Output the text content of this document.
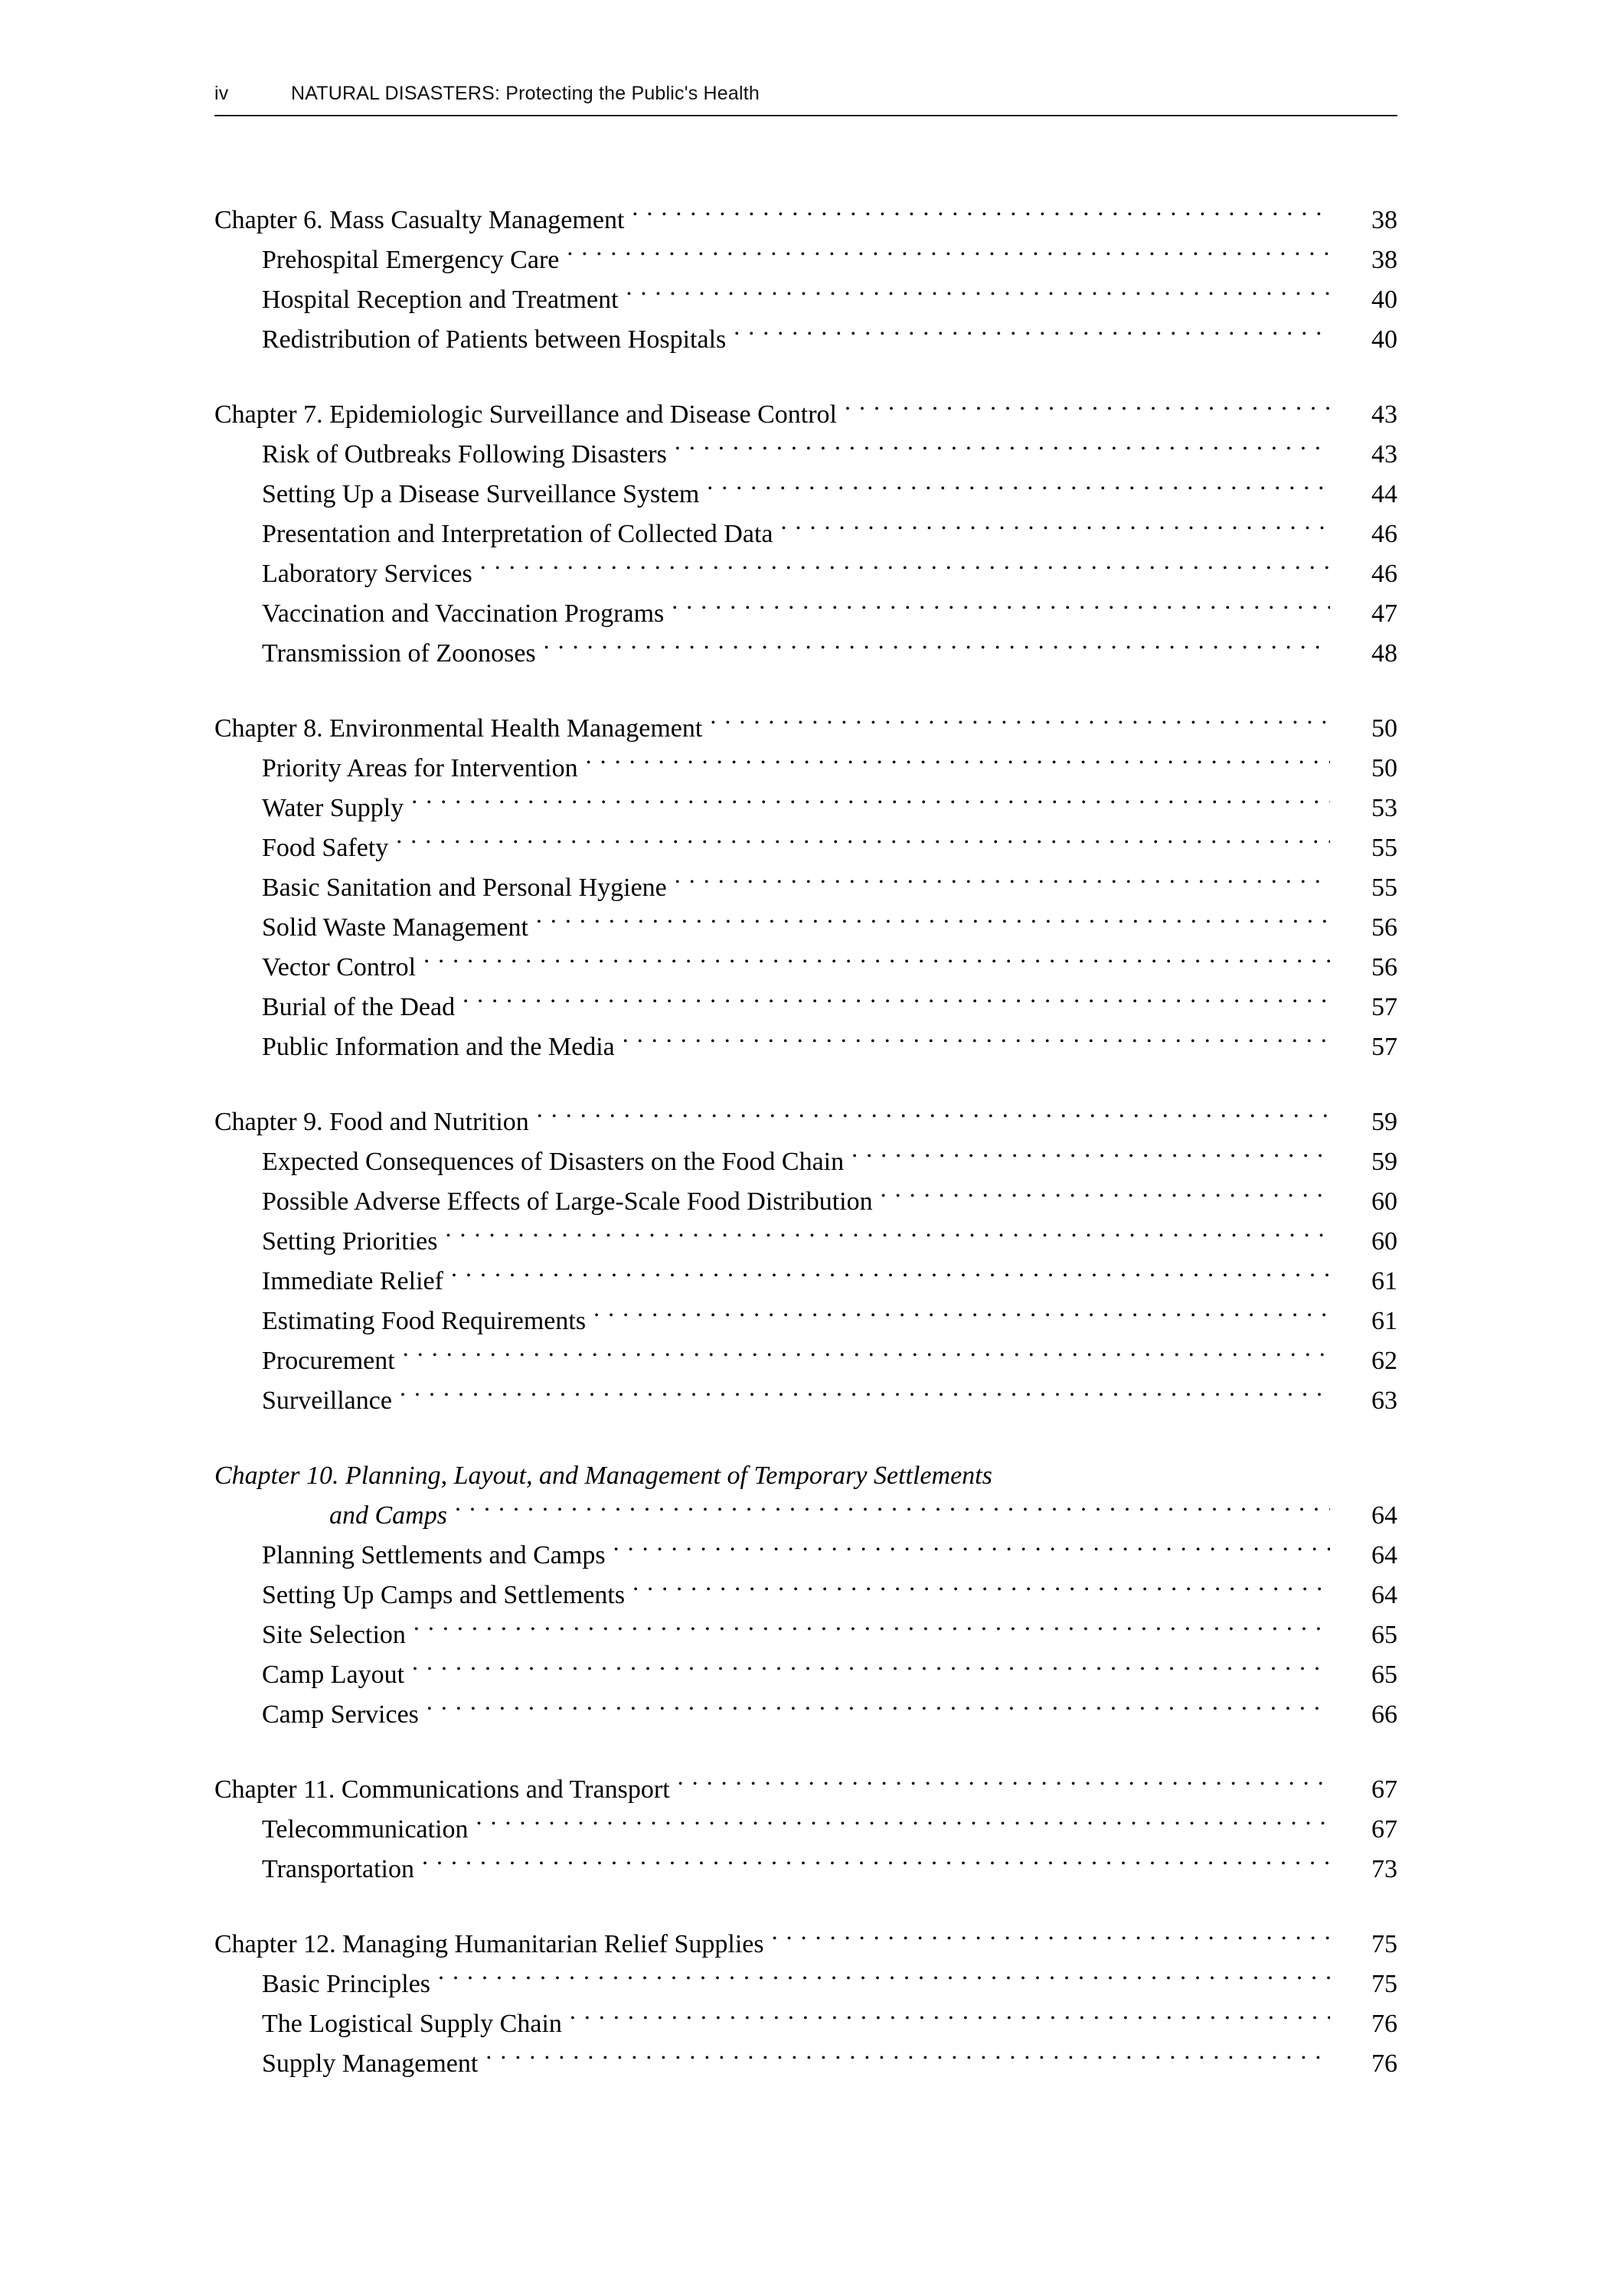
iv	NATURAL DISASTERS: Protecting the Public's Health
Chapter 6. Mass Casualty Management . . .	38
Prehospital Emergency Care . . .	38
Hospital Reception and Treatment . . .	40
Redistribution of Patients between Hospitals . . .	40
Chapter 7. Epidemiologic Surveillance and Disease Control . . .	43
Risk of Outbreaks Following Disasters . . .	43
Setting Up a Disease Surveillance System . . .	44
Presentation and Interpretation of Collected Data . . .	46
Laboratory Services . . .	46
Vaccination and Vaccination Programs . . .	47
Transmission of Zoonoses . . .	48
Chapter 8. Environmental Health Management . . .	50
Priority Areas for Intervention . . .	50
Water Supply . . .	53
Food Safety . . .	55
Basic Sanitation and Personal Hygiene . . .	55
Solid Waste Management . . .	56
Vector Control . . .	56
Burial of the Dead . . .	57
Public Information and the Media . . .	57
Chapter 9. Food and Nutrition . . .	59
Expected Consequences of Disasters on the Food Chain . . .	59
Possible Adverse Effects of Large-Scale Food Distribution . . .	60
Setting Priorities . . .	60
Immediate Relief . . .	61
Estimating Food Requirements . . .	61
Procurement . . .	62
Surveillance . . .	63
Chapter 10. Planning, Layout, and Management of Temporary Settlements
and Camps . . .	64
Planning Settlements and Camps . . .	64
Setting Up Camps and Settlements . . .	64
Site Selection . . .	65
Camp Layout . . .	65
Camp Services . . .	66
Chapter 11. Communications and Transport . . .	67
Telecommunication . . .	67
Transportation . . .	73
Chapter 12. Managing Humanitarian Relief Supplies . . .	75
Basic Principles . . .	75
The Logistical Supply Chain . . .	76
Supply Management . . .	76
